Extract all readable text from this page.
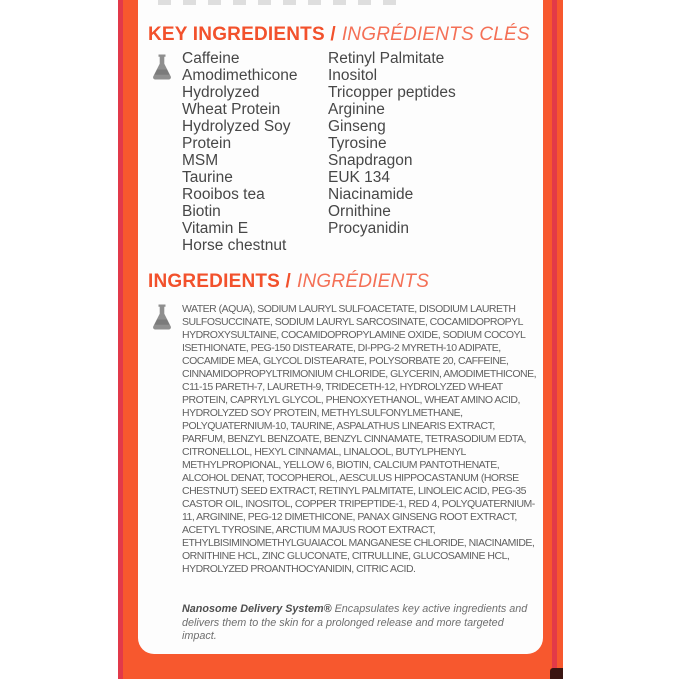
KEY INGREDIENTS / INGRÉDIENTS CLÉS
Caffeine
Amodimethicone
Hydrolyzed
Wheat Protein
Hydrolyzed Soy
Protein
MSM
Taurine
Rooibos tea
Biotin
Vitamin E
Horse chestnut
Retinyl Palmitate
Inositol
Tricopper peptides
Arginine
Ginseng
Tyrosine
Snapdragon
EUK 134
Niacinamide
Ornithine
Procyanidin
INGREDIENTS / INGRÉDIENTS
WATER (AQUA), SODIUM LAURYL SULFOACETATE, DISODIUM LAURETH SULFOSUCCINATE, SODIUM LAURYL SARCOSINATE, COCAMIDOPROPYL HYDROXYSULTAINE, COCAMIDOPROPYLAMINE OXIDE, SODIUM COCOYL ISETHIONATE, PEG-150 DISTEARATE, DI-PPG-2 MYRETH-10 ADIPATE, COCAMIDE MEA, GLYCOL DISTEARATE, POLYSORBATE 20, CAFFEINE, CINNAMIDOPROPYLTRIMONIUM CHLORIDE, GLYCERIN, AMODIMETHICONE, C11-15 PARETH-7, LAURETH-9, TRIDECETH-12, HYDROLYZED WHEAT PROTEIN, CAPRYLYL GLYCOL, PHENOXYETHANOL, WHEAT AMINO ACID, HYDROLYZED SOY PROTEIN, METHYLSULFONYLMETHANE, POLYQUATERNIUM-10, TAURINE, ASPALATHUS LINEARIS EXTRACT, PARFUM, BENZYL BENZOATE, BENZYL CINNAMATE, TETRASODIUM EDTA, CITRONELLOL, HEXYL CINNAMAL, LINALOOL, BUTYLPHENYL METHYLPROPIONAL, YELLOW 6, BIOTIN, CALCIUM PANTOTHENATE, ALCOHOL DENAT, TOCOPHEROL, AESCULUS HIPPOCASTANUM (HORSE CHESTNUT) SEED EXTRACT, RETINYL PALMITATE, LINOLEIC ACID, PEG-35 CASTOR OIL, INOSITOL, COPPER TRIPEPTIDE-1, RED 4, POLYQUATERNIUM-11, ARGININE, PEG-12 DIMETHICONE, PANAX GINSENG ROOT EXTRACT, ACETYL TYROSINE, ARCTIUM MAJUS ROOT EXTRACT, ETHYLBISIMINOMETHYLGUAIACOL MANGANESE CHLORIDE, NIACINAMIDE, ORNITHINE HCL, ZINC GLUCONATE, CITRULLINE, GLUCOSAMINE HCL, HYDROLYZED PROANTHOCYANIDIN, CITRIC ACID.
Nanosome Delivery System® Encapsulates key active ingredients and delivers them to the skin for a prolonged release and more targeted impact.
